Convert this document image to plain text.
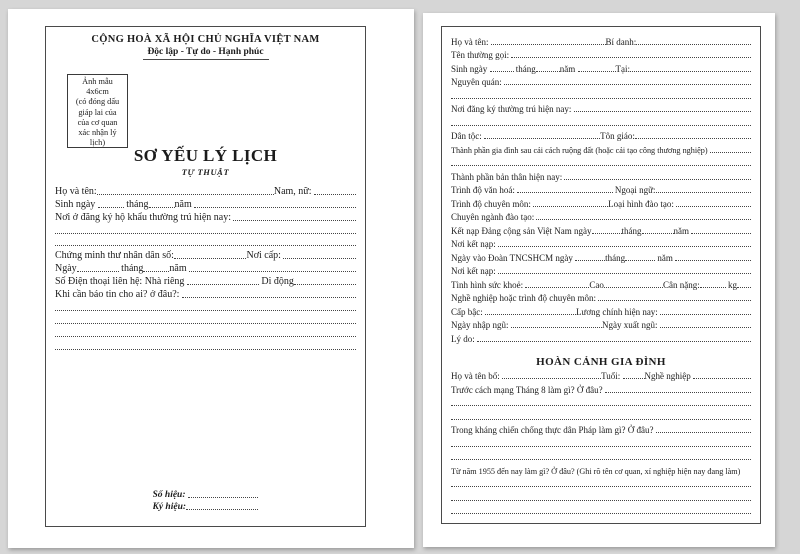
CỘNG HOÀ XÃ HỘI CHỦ NGHĨA VIỆT NAM
Độc lập - Tự do - Hạnh phúc
Ảnh mẫu
4x6cm
(có đóng dấu
giáp lai của
của cơ quan
xác nhận lý
lịch)
SƠ YẾU LÝ LỊCH
TỰ THUẬT
Họ và tên:	Nam, nữ:
Sinh ngày	tháng	năm
Nơi ở đăng ký hộ khẩu thường trú hiện nay:
Chứng minh thư nhân dân số:	Nơi cấp:
Ngày	tháng	năm
Số Điện thoại liên hệ: Nhà riêng	Di động
Khi cần báo tin cho ai? ở đâu?:
Số hiệu:
Ký hiệu:
Họ và tên:	Bí danh:
Tên thường gọi:
Sinh ngày	tháng	năm	Tại:
Nguyên quán:
Nơi đăng ký thường trú hiện nay:
Dân tộc:	Tôn giáo:
Thành phần gia đình sau cải cách ruộng đất (hoặc cải tạo công thương nghiệp)
Thành phần bản thân hiện nay:
Trình độ văn hoá:	Ngoại ngữ:
Trình độ chuyên môn:	Loại hình đào tạo:
Chuyên ngành đào tạo:
Kết nạp Đảng cộng sản Việt Nam ngày	tháng	năm
Nơi kết nạp:
Ngày vào Đoàn TNCSHCM ngày	tháng	năm
Nơi kết nạp:
Tình hình sức khoẻ:	Cao	Cân nặng:	kg
Nghề nghiệp hoặc trình độ chuyên môn:
Cấp bậc:	Lương chính hiện nay:
Ngày nhập ngũ:	Ngày xuất ngũ:
Lý do:
HOÀN CẢNH GIA ĐÌNH
Họ và tên bố:	Tuổi: Nghề nghiệp
Trước cách mạng Tháng 8 làm gì? Ở đâu?
Trong kháng chiến chống thực dân Pháp làm gì? Ở đâu?
Từ năm 1955 đến nay làm gì? Ở đâu? (Ghi rõ tên cơ quan, xí nghiệp hiện nay đang làm)
